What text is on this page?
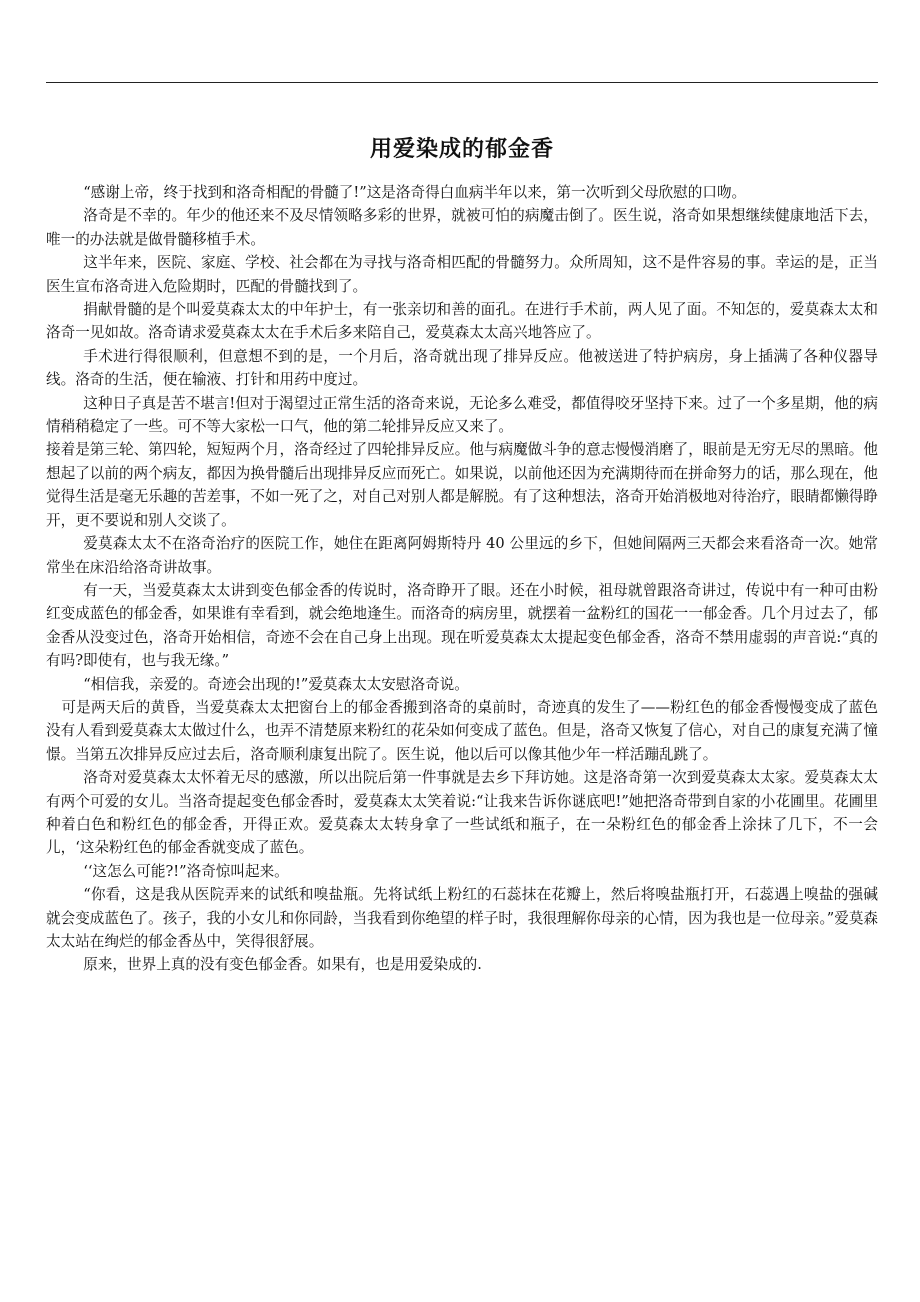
用爱染成的郁金香

“感谢上帝，终于找到和洛奇相配的骨髓了!”这是洛奇得白血病半年以来，第一次听到父母欣慰的口吻。

洛奇是不幸的。年少的他还来不及尽情领略多彩的世界，就被可怕的病魔击倒了。医生说，洛奇如果想继续健康地活下去，唯一的办法就是做骨髓移植手术。

这半年来，医院、家庭、学校、社会都在为寻找与洛奇相匹配的骨髓努力。众所周知，这不是件容易的事。幸运的是，正当医生宣布洛奇进入危险期时，匹配的骨髓找到了。

捐献骨髓的是个叫爱莫森太太的中年护士，有一张亲切和善的面孔。在进行手术前，两人见了面。不知怎的，爱莫森太太和洛奇一见如故。洛奇请求爱莫森太太在手术后多来陪自己，爱莫森太太高兴地答应了。

手术进行得很顺利，但意想不到的是，一个月后，洛奇就出现了排异反应。他被送进了特护病房，身上插满了各种仪器导线。洛奇的生活，便在输液、打针和用药中度过。

这种日子真是苦不堪言!但对于渴望过正常生活的洛奇来说，无论多么难受，都值得咬牙坚持下来。过了一个多星期，他的病情稍稍稳定了一些。可不等大家松一口气，他的第二轮排异反应又来了。

接着是第三轮、第四轮，短短两个月，洛奇经过了四轮排异反应。他与病魔做斗争的意志慢慢消磨了，眼前是无穷无尽的黑暗。他想起了以前的两个病友，都因为换骨髓后出现排异反应而死亡。如果说，以前他还因为充满期待而在拼命努力的话，那么现在，他觉得生活是毫无乐趣的苦差事，不如一死了之，对自己对别人都是解脱。有了这种想法，洛奇开始消极地对待治疗，眼睛都懒得睁开，更不要说和别人交谈了。

爱莫森太太不在洛奇治疗的医院工作，她住在距离阿姆斯特丹 40 公里远的乡下，但她间隔两三天都会来看洛奇一次。她常常坐在床沿给洛奇讲故事。

有一天，当爱莫森太太讲到变色郁金香的传说时，洛奇睁开了眼。还在小时候，祖母就曾跟洛奇讲过，传说中有一种可由粉红变成蓝色的郁金香，如果谁有幸看到，就会绝地逢生。而洛奇的病房里，就摆着一盆粉红的国花一一郁金香。几个月过去了，郁金香从没变过色，洛奇开始相信，奇迹不会在自己身上出现。现在听爱莫森太太提起变色郁金香，洛奇不禁用虚弱的声音说:“真的有吗?即使有，也与我无缘。”

“相信我，亲爱的。奇迹会出现的!”爱莫森太太安慰洛奇说。

可是两天后的黄昏，当爱莫森太太把窗台上的郁金香搬到洛奇的桌前时，奇迹真的发生了——粉红色的郁金香慢慢变成了蓝色没有人看到爱莫森太太做过什么，也弄不清楚原来粉红的花朵如何变成了蓝色。但是，洛奇又恢复了信心，对自己的康复充满了憧憬。当第五次排异反应过去后，洛奇顺利康复出院了。医生说，他以后可以像其他少年一样活蹦乱跳了。

洛奇对爱莫森太太怀着无尽的感激，所以出院后第一件事就是去乡下拜访她。这是洛奇第一次到爱莫森太太家。爱莫森太太有两个可爱的女儿。当洛奇提起变色郁金香时，爱莫森太太笑着说:“让我来告诉你谜底吧!”她把洛奇带到自家的小花圃里。花圃里种着白色和粉红色的郁金香，开得正欢。爱莫森太太转身拿了一些试纸和瓶子，在一朵粉红色的郁金香上涂抹了几下，不一会儿，‘这朵粉红色的郁金香就变成了蓝色。

‘‘这怎么可能?!”洛奇惊叫起来。

“你看，这是我从医院弄来的试纸和嗅盐瓶。先将试纸上粉红的石蕊抹在花瓣上，然后将嗅盐瓶打开，石蕊遇上嗅盐的强碱就会变成蓝色了。孩子，我的小女儿和你同龄，当我看到你绝望的样子时，我很理解你母亲的心情，因为我也是一位母亲。”爱莫森太太站在绚烂的郁金香丛中，笑得很舒展。

原来，世界上真的没有变色郁金香。如果有，也是用爱染成的.
